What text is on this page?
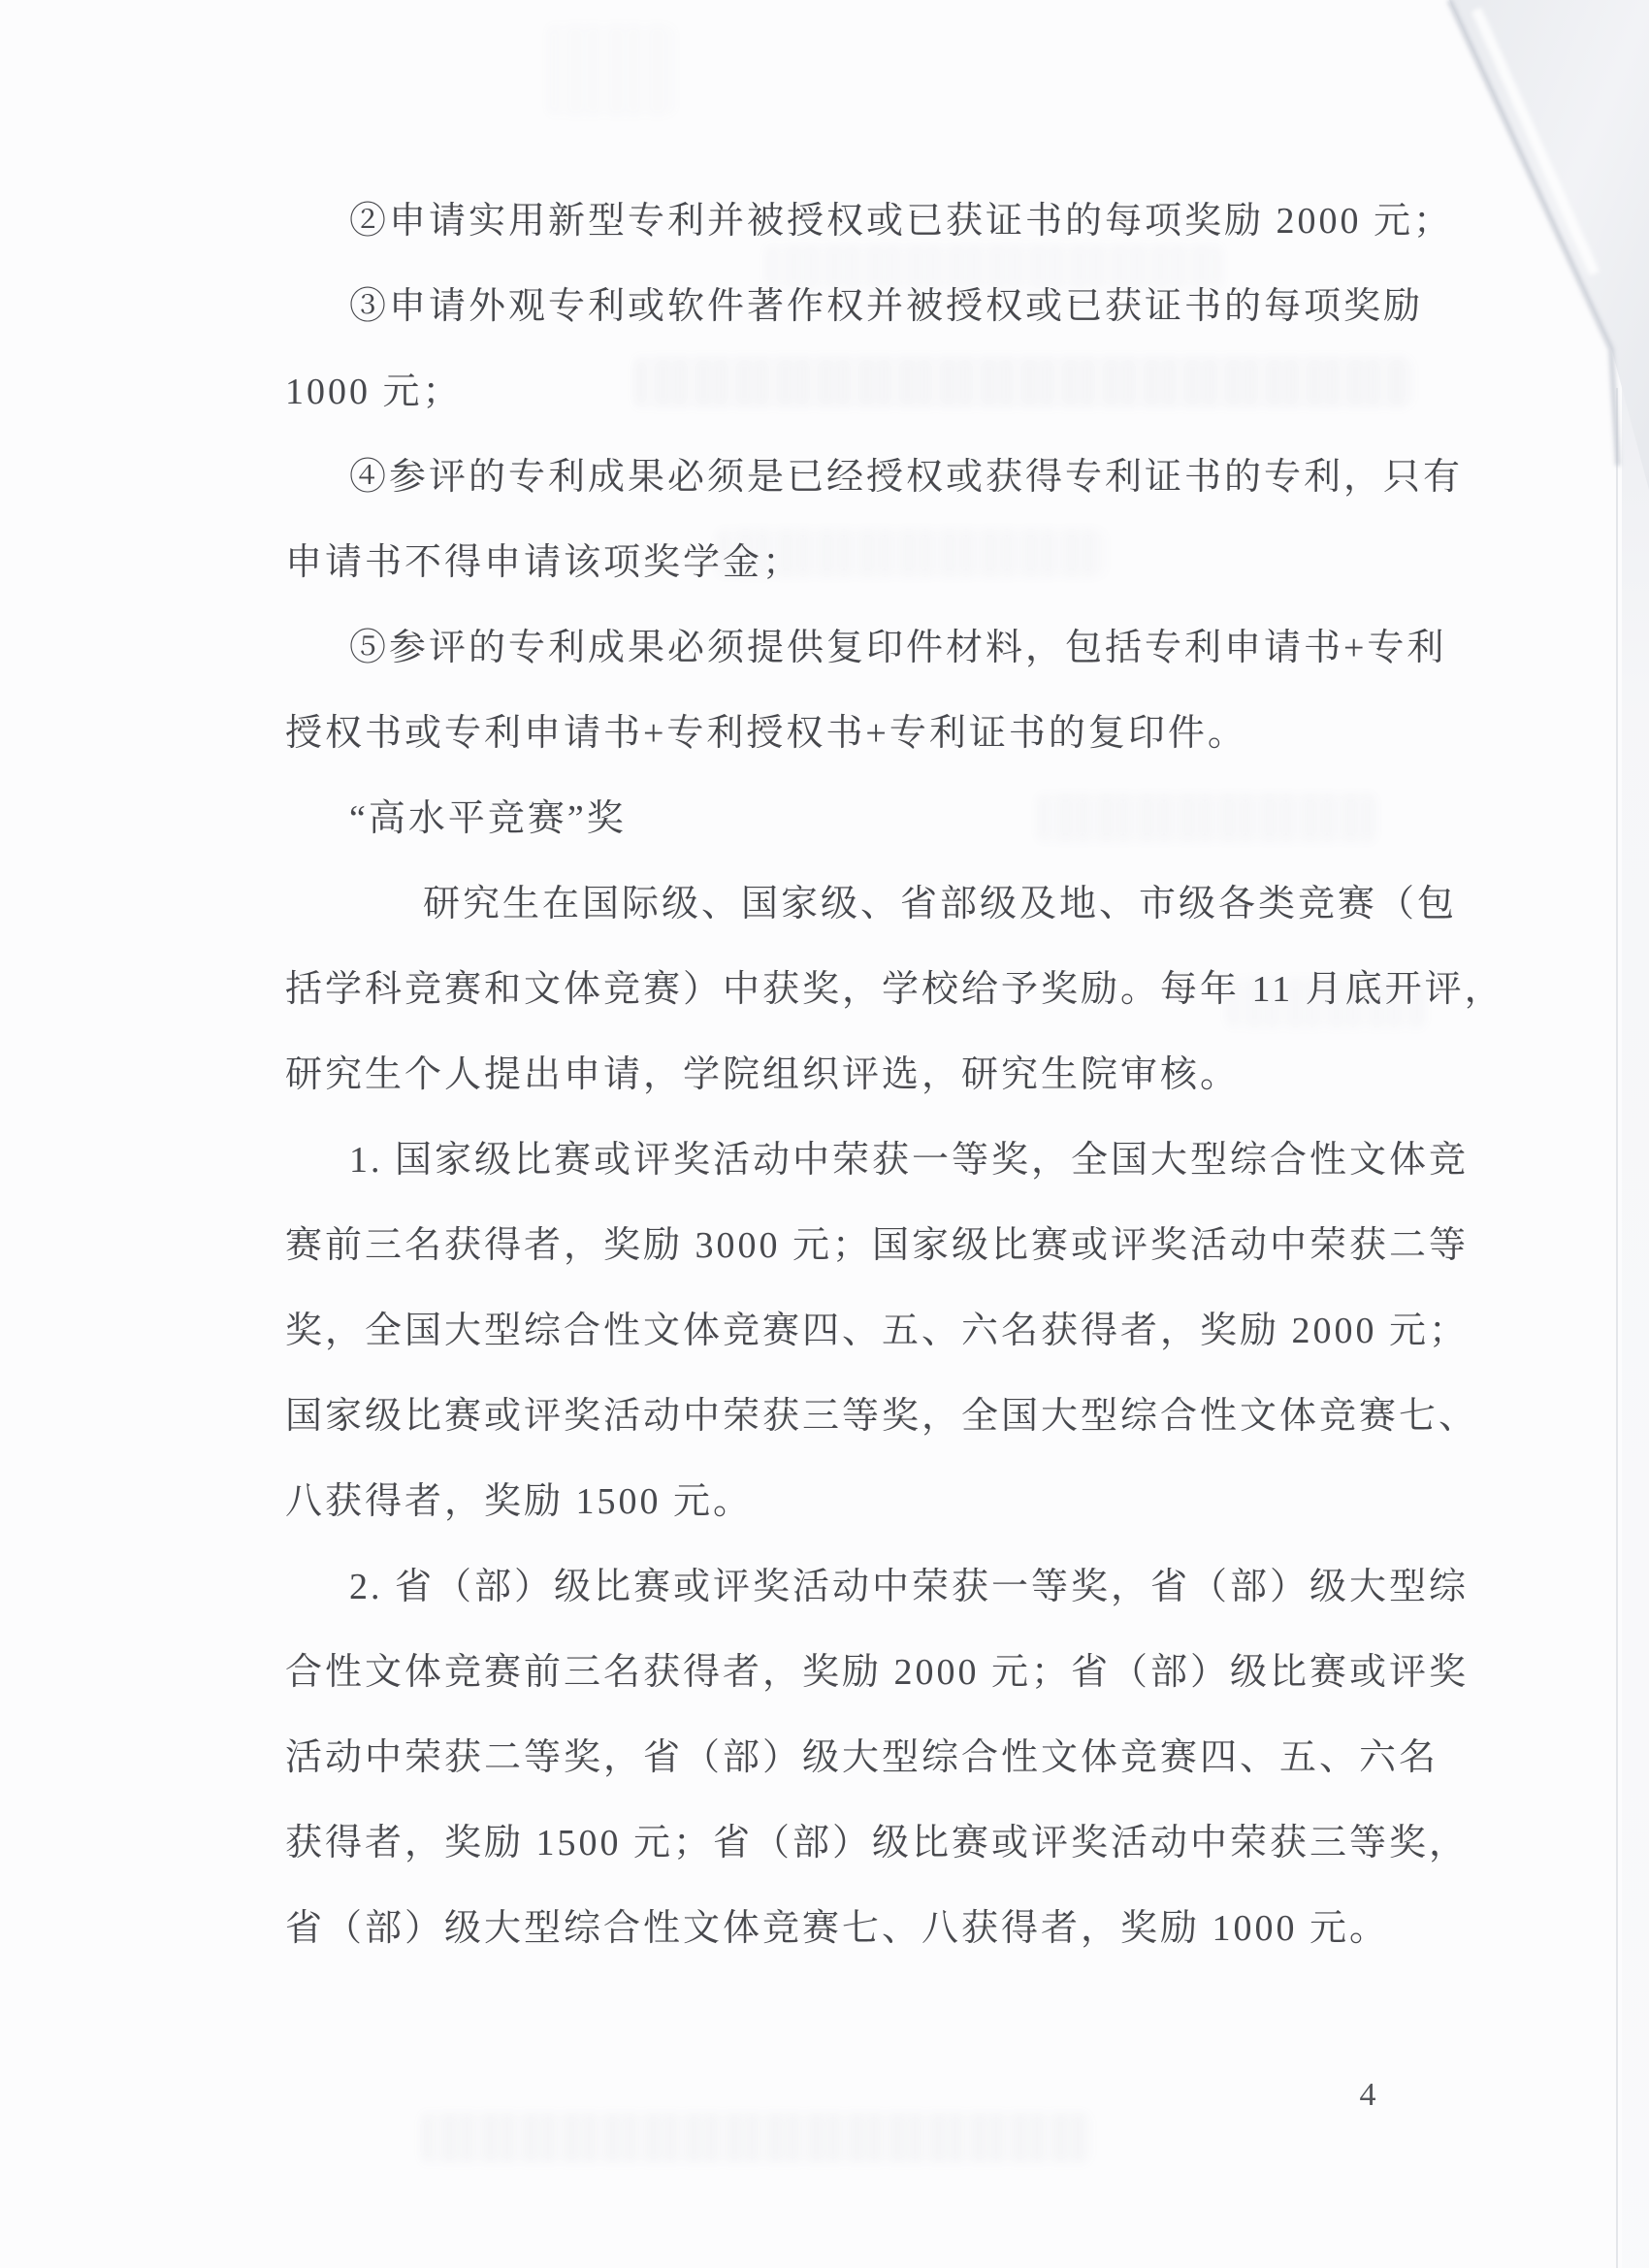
②申请实用新型专利并被授权或已获证书的每项奖励 2000 元；
③申请外观专利或软件著作权并被授权或已获证书的每项奖励
1000 元；
④参评的专利成果必须是已经授权或获得专利证书的专利，只有
申请书不得申请该项奖学金；
⑤参评的专利成果必须提供复印件材料，包括专利申请书+专利
授权书或专利申请书+专利授权书+专利证书的复印件。
“高水平竞赛”奖
研究生在国际级、国家级、省部级及地、市级各类竞赛（包
括学科竞赛和文体竞赛）中获奖，学校给予奖励。每年 11 月底开评，
研究生个人提出申请，学院组织评选，研究生院审核。
1. 国家级比赛或评奖活动中荣获一等奖，全国大型综合性文体竞
赛前三名获得者，奖励 3000 元；国家级比赛或评奖活动中荣获二等
奖，全国大型综合性文体竞赛四、五、六名获得者，奖励 2000 元；
国家级比赛或评奖活动中荣获三等奖，全国大型综合性文体竞赛七、
八获得者，奖励 1500 元。
2. 省（部）级比赛或评奖活动中荣获一等奖，省（部）级大型综
合性文体竞赛前三名获得者，奖励 2000 元；省（部）级比赛或评奖
活动中荣获二等奖，省（部）级大型综合性文体竞赛四、五、六名
获得者，奖励 1500 元；省（部）级比赛或评奖活动中荣获三等奖，
省（部）级大型综合性文体竞赛七、八获得者，奖励 1000 元。
4
